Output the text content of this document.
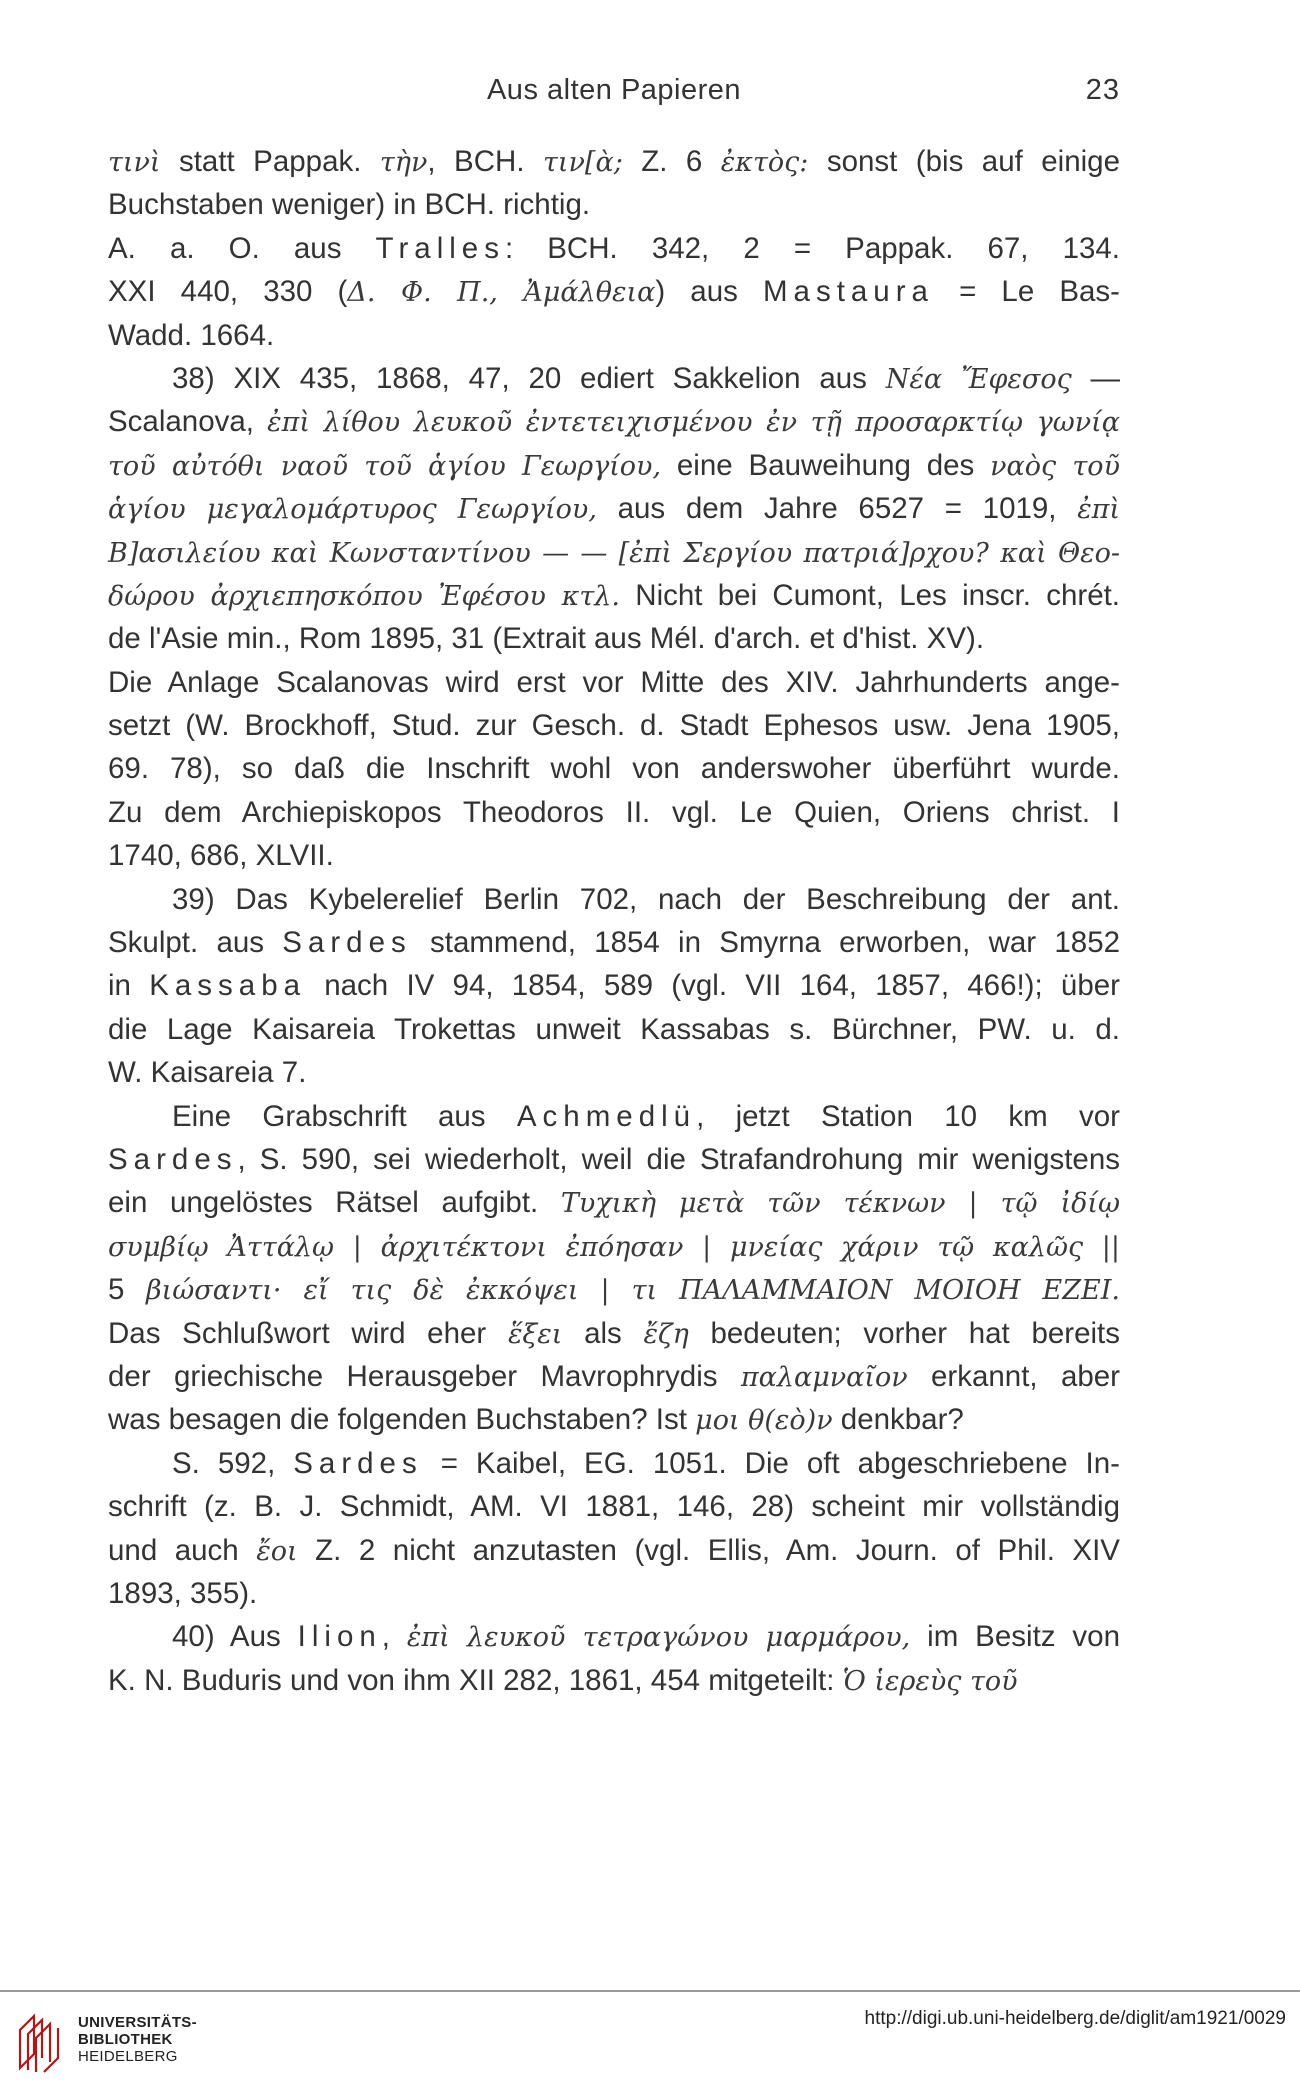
Aus alten Papieren	23
τινὶ statt Pappak. τὴν, BCH. τιν[ὰ; Z. 6 ἐκτὸς: sonst (bis auf einige
Buchstaben weniger) in BCH. richtig.
A. a. O. aus Tralles: BCH. 342, 2 = Pappak. 67, 134.
XXI 440, 330 (Δ. Φ. Π., Ἀμάλθεια) aus Mastaura = Le Bas-
Wadd. 1664.
38) XIX 435, 1868, 47, 20 ediert Sakkelion aus Νέα Ἔφεσος —
Scalanova, ἐπὶ λίθου λευκοῦ ἐντετειχισμένου ἐν τῇ προσαρκτίῳ γωνίᾳ
τοῦ αὐτόθι ναοῦ τοῦ ἁγίου Γεωργίου, eine Bauweihung des ναὸς τοῦ
ἁγίου μεγαλομάρτυρος Γεωργίου, aus dem Jahre 6527 = 1019, ἐπὶ
Β]ασιλείου καὶ Κωνσταντίνου — — [ἐπὶ Σεργίου πατριά]ρχου? καὶ Θεο-
δώρου ἀρχιεπησκόπου Ἐφέσου κτλ. Nicht bei Cumont, Les inscr. chrét.
de l'Asie min., Rom 1895, 31 (Extrait aus Mél. d'arch. et d'hist. XV).
Die Anlage Scalanovas wird erst vor Mitte des XIV. Jahrhunderts ange-
setzt (W. Brockhoff, Stud. zur Gesch. d. Stadt Ephesos usw. Jena 1905,
69. 78), so daß die Inschrift wohl von anderswoher überführt wurde.
Zu dem Archiepiskopos Theodoros II. vgl. Le Quien, Oriens christ. I
1740, 686, XLVII.
39) Das Kybelerelief Berlin 702, nach der Beschreibung der ant.
Skulpt. aus Sardes stammend, 1854 in Smyrna erworben, war 1852
in Kassaba nach IV 94, 1854, 589 (vgl. VII 164, 1857, 466!); über
die Lage Kaisareia Trokettas unweit Kassabas s. Bürchner, PW. u. d.
W. Kaisareia 7.
Eine Grabschrift aus Achmedlü, jetzt Station 10 km vor
Sardes, S. 590, sei wiederholt, weil die Strafandrohung mir wenigstens
ein ungelöstes Rätsel aufgibt. Τυχικὴ μετὰ τῶν τέκνων | τῷ ἰδίῳ
συμβίῳ Ἀττάλῳ | ἀρχιτέκτονι ἐπόησαν | μνείας χάριν τῷ καλῶς ||
5 βιώσαντι· εἴ τις δὲ ἐκκόψει | τι ΠΑΛΑΜΜΑΙΟΝ ΜΟΙΟΗ ΕΖΕΙ.
Das Schlußwort wird eher ἕξει als ἔζη bedeuten; vorher hat bereits
der griechische Herausgeber Mavrophrydis παλαμναῖον erkannt, aber
was besagen die folgenden Buchstaben? Ist μοι θ(εὸ)ν denkbar?
S. 592, Sardes = Kaibel, EG. 1051. Die oft abgeschriebene In-
schrift (z. B. J. Schmidt, AM. VI 1881, 146, 28) scheint mir vollständig
und auch ἔοι Z. 2 nicht anzutasten (vgl. Ellis, Am. Journ. of Phil. XIV
1893, 355).
40) Aus Ilion, ἐπὶ λευκοῦ τετραγώνου μαρμάρου, im Besitz von
K. N. Buduris und von ihm XII 282, 1861, 454 mitgeteilt: Ὁ ἱερεὺς τοῦ
UNIVERSITÄTS-
BIBLIOTHEK
HEIDELBERG
http://digi.ub.uni-heidelberg.de/diglit/am1921/0029
